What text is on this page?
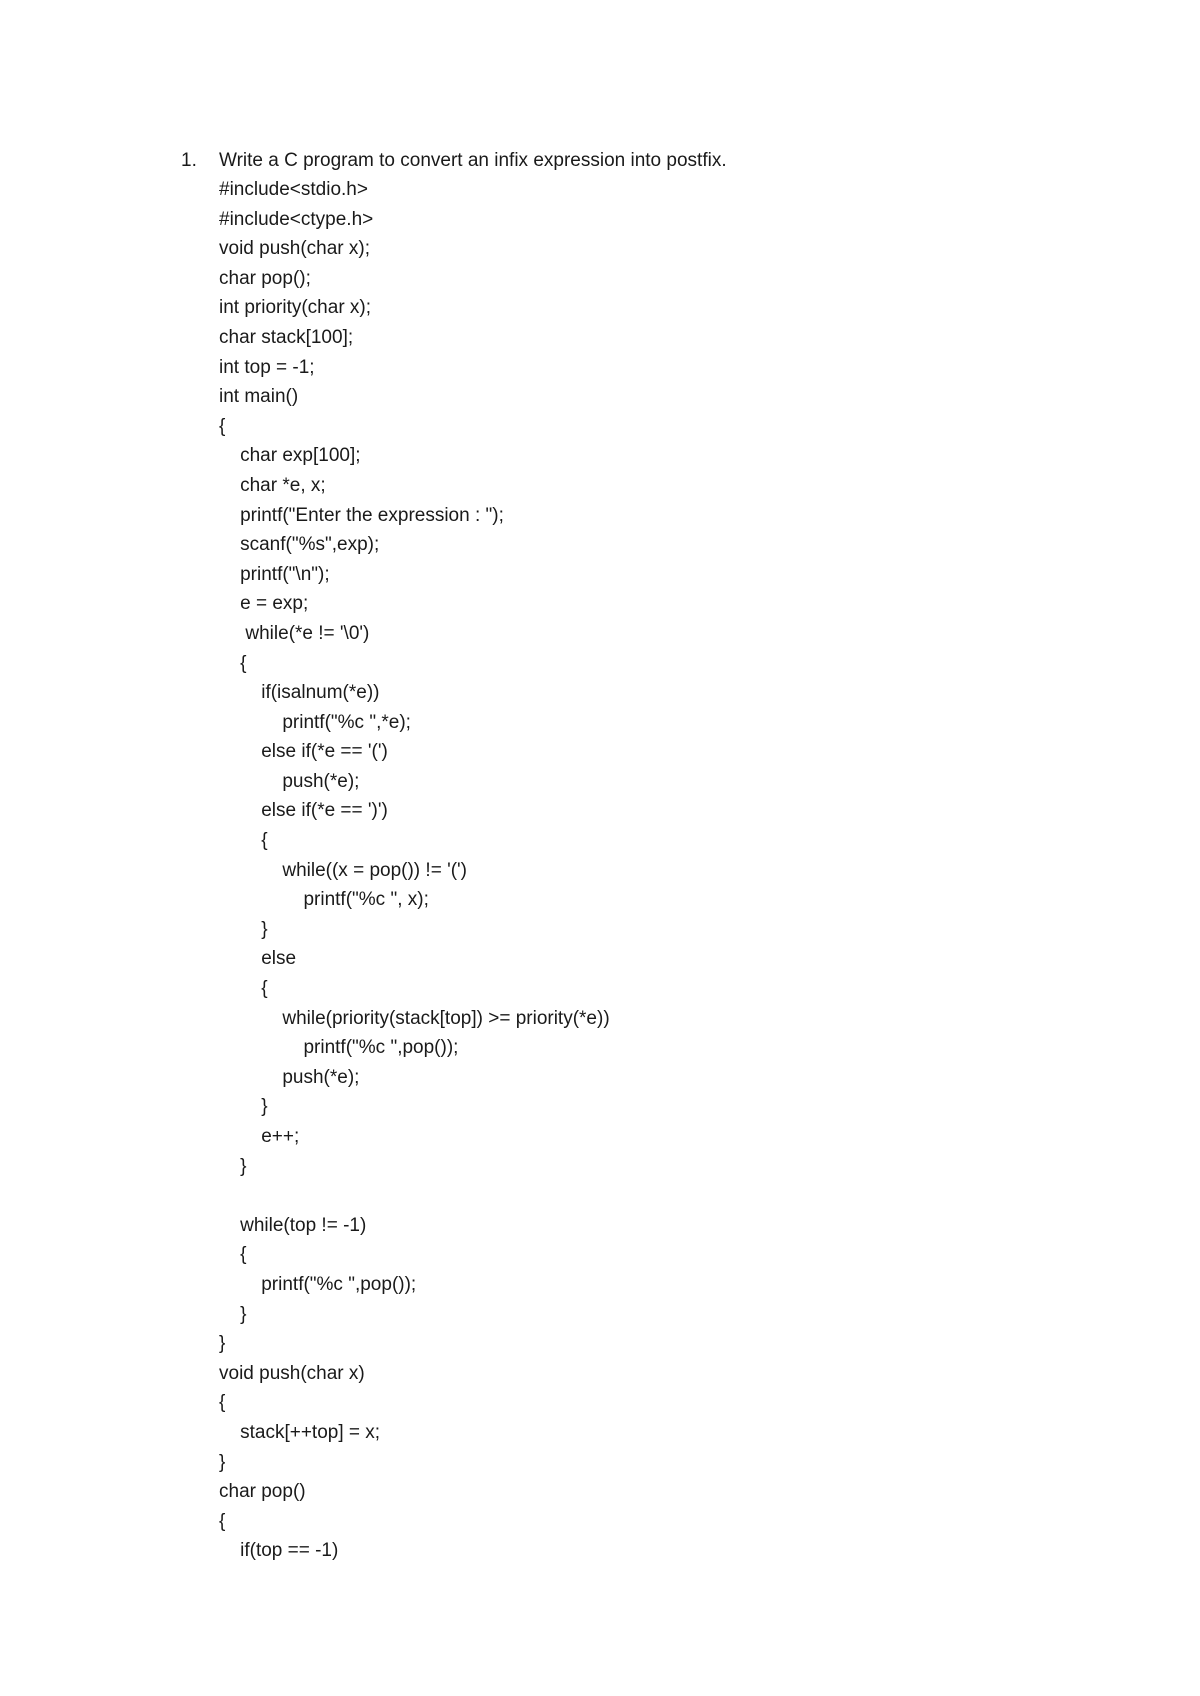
1.

Write a C program to convert an infix expression into postfix.

#include<stdio.h>
#include<ctype.h>
void push(char x);
char pop();
int priority(char x);
char stack[100];
int top = -1;
int main()
{
char exp[100];
char *e, x;
printf("Enter the expression : ");
scanf("%s",exp);
printf("\n");
e = exp;
while(*e != '\0')
{
if(isalnum(*e))
printf("%c ",*e);
else if(*e == '(')
push(*e);
else if(*e == ')')
{
while((x = pop()) != '(')
printf("%c ", x);
}
else
{
while(priority(stack[top]) >= priority(*e))
printf("%c ",pop());
push(*e);
}
e++;
}
while(top != -1)
{
printf("%c ",pop());
}
}
void push(char x)
{
stack[++top] = x;
}
char pop()
{
if(top == -1)
